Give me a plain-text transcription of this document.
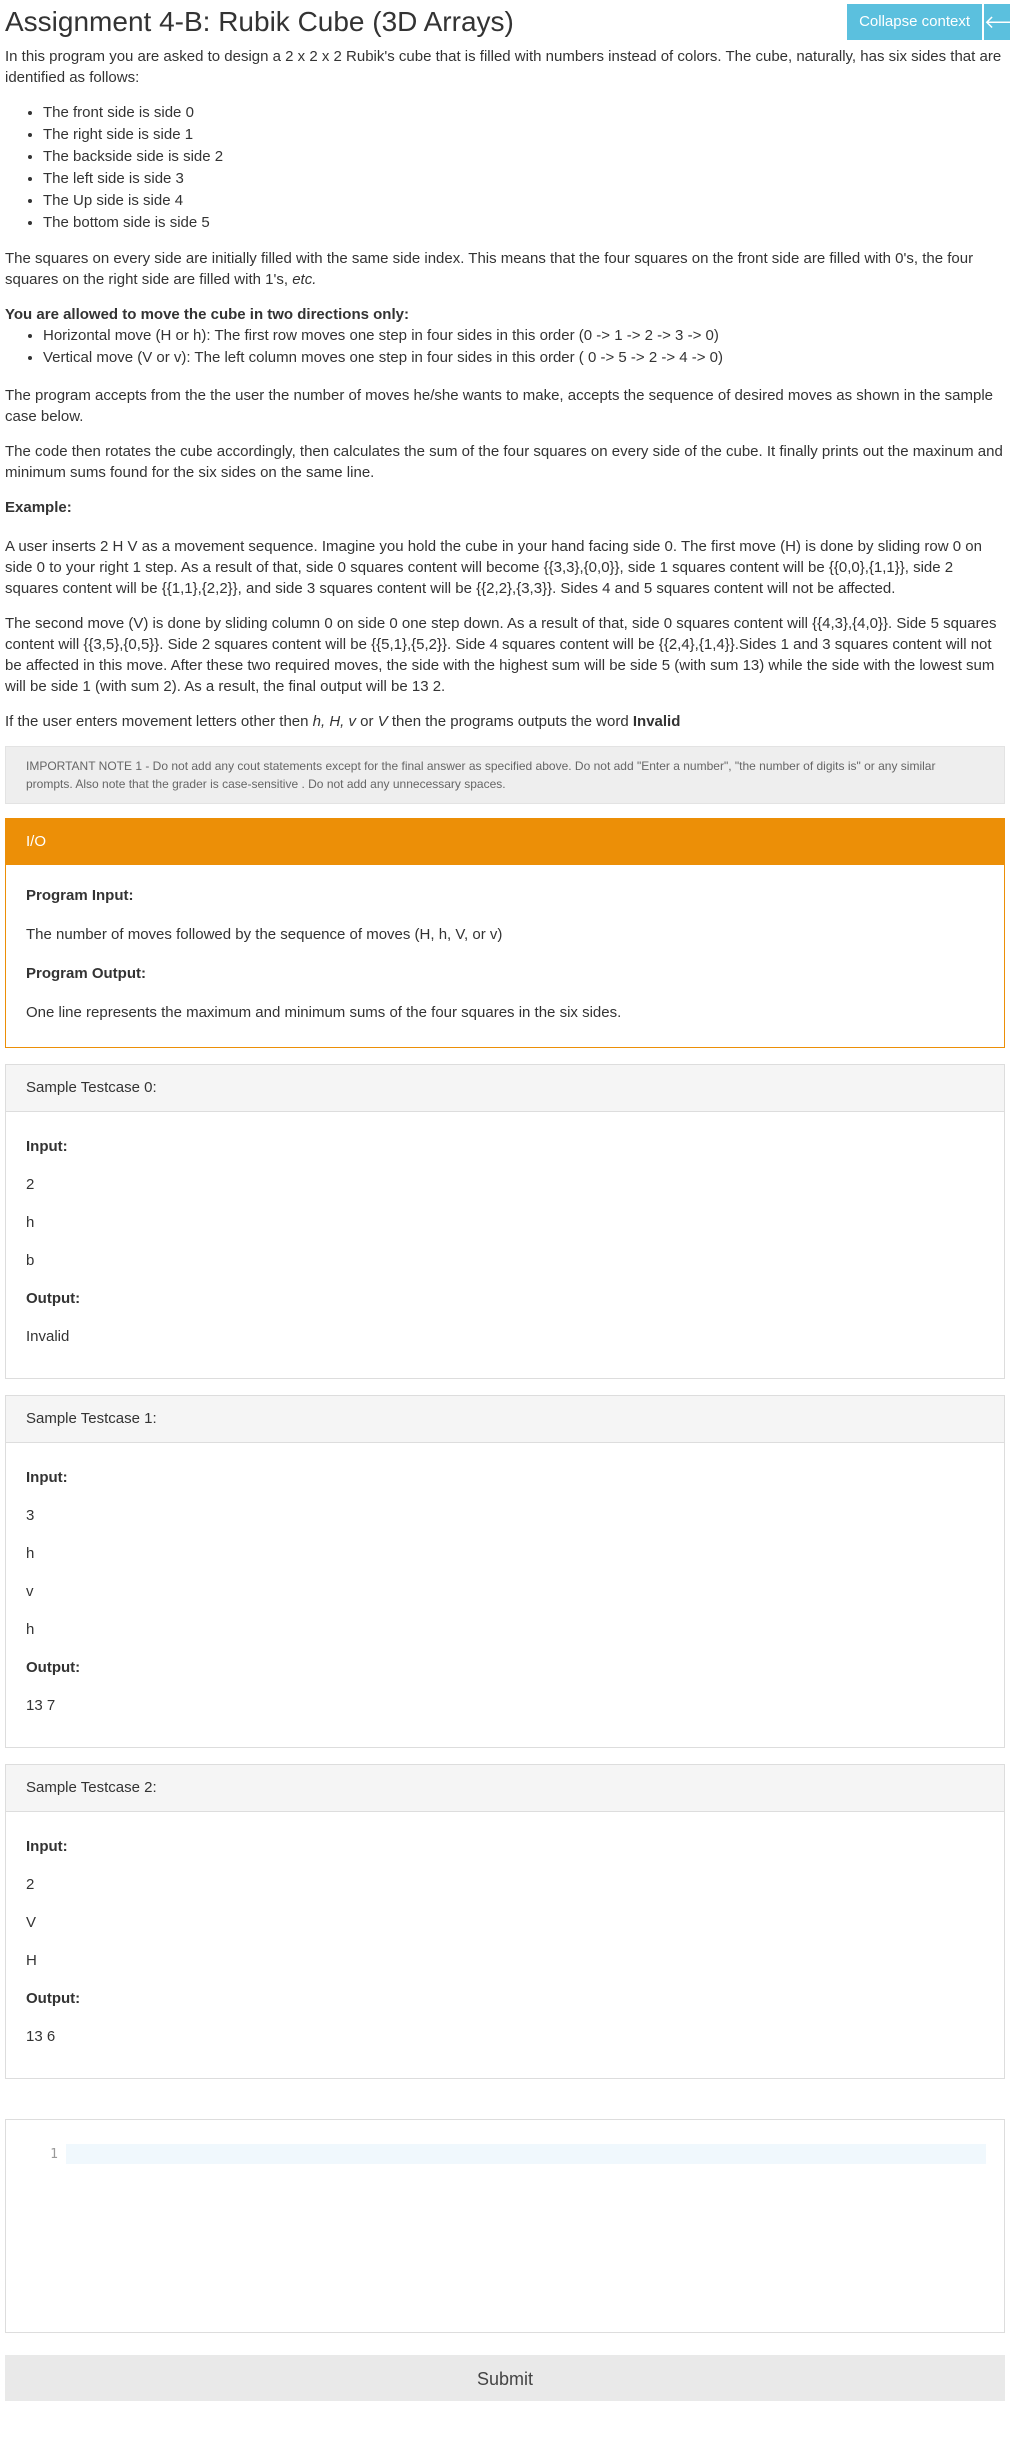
Assignment 4-B: Rubik Cube (3D Arrays)	Collapse context 🡐

In this program you are asked to design a 2 x 2 x 2 Rubik's cube that is filled with numbers instead of colors. The cube, naturally, has six sides that are identified as follows:

• The front side is side 0
• The right side is side 1
• The backside side is side 2
• The left side is side 3
• The Up side is side 4
• The bottom side is side 5

The squares on every side are initially filled with the same side index. This means that the four squares on the front side are filled with 0's, the four squares on the right side are filled with 1's, etc.

You are allowed to move the cube in two directions only:
• Horizontal move (H or h): The first row moves one step in four sides in this order (0 -> 1 -> 2 -> 3 -> 0)
• Vertical move (V or v): The left column moves one step in four sides in this order ( 0 -> 5 -> 2 -> 4 -> 0)

The program accepts from the the user the number of moves he/she wants to make, accepts the sequence of desired moves as shown in the sample case below.

The code then rotates the cube accordingly, then calculates the sum of the four squares on every side of the cube. It finally prints out the maxinum and minimum sums found for the six sides on the same line.

Example:

A user inserts 2 H V as a movement sequence. Imagine you hold the cube in your hand facing side 0. The first move (H) is done by sliding row 0 on side 0 to your right 1 step. As a result of that, side 0 squares content will become {{3,3},{0,0}}, side 1 squares content will be {{0,0},{1,1}}, side 2 squares content will be {{1,1},{2,2}}, and side 3 squares content will be {{2,2},{3,3}}. Sides 4 and 5 squares content will not be affected.

The second move (V) is done by sliding column 0 on side 0 one step down. As a result of that, side 0 squares content will {{4,3},{4,0}}. Side 5 squares content will {{3,5},{0,5}}. Side 2 squares content will be {{5,1},{5,2}}. Side 4 squares content will be {{2,4},{1,4}}.Sides 1 and 3 squares content will not be affected in this move. After these two required moves, the side with the highest sum will be side 5 (with sum 13) while the side with the lowest sum will be side 1 (with sum 2). As a result, the final output will be 13 2.

If the user enters movement letters other then h, H, v or V then the programs outputs the word Invalid

IMPORTANT NOTE 1 - Do not add any cout statements except for the final answer as specified above. Do not add "Enter a number", "the number of digits is" or any similar prompts. Also note that the grader is case-sensitive . Do not add any unnecessary spaces.
I/O

Program Input:

The number of moves followed by the sequence of moves (H, h, V, or v)

Program Output:

One line represents the maximum and minimum sums of the four squares in the six sides.

Sample Testcase 0:
Input:
2
h
b
Output:
Invalid
Sample Testcase 1:
Input:
3
h
v
h
Output:
13 7
Sample Testcase 2:
Input:
2
V
H
Output:
13 6
1
Submit
